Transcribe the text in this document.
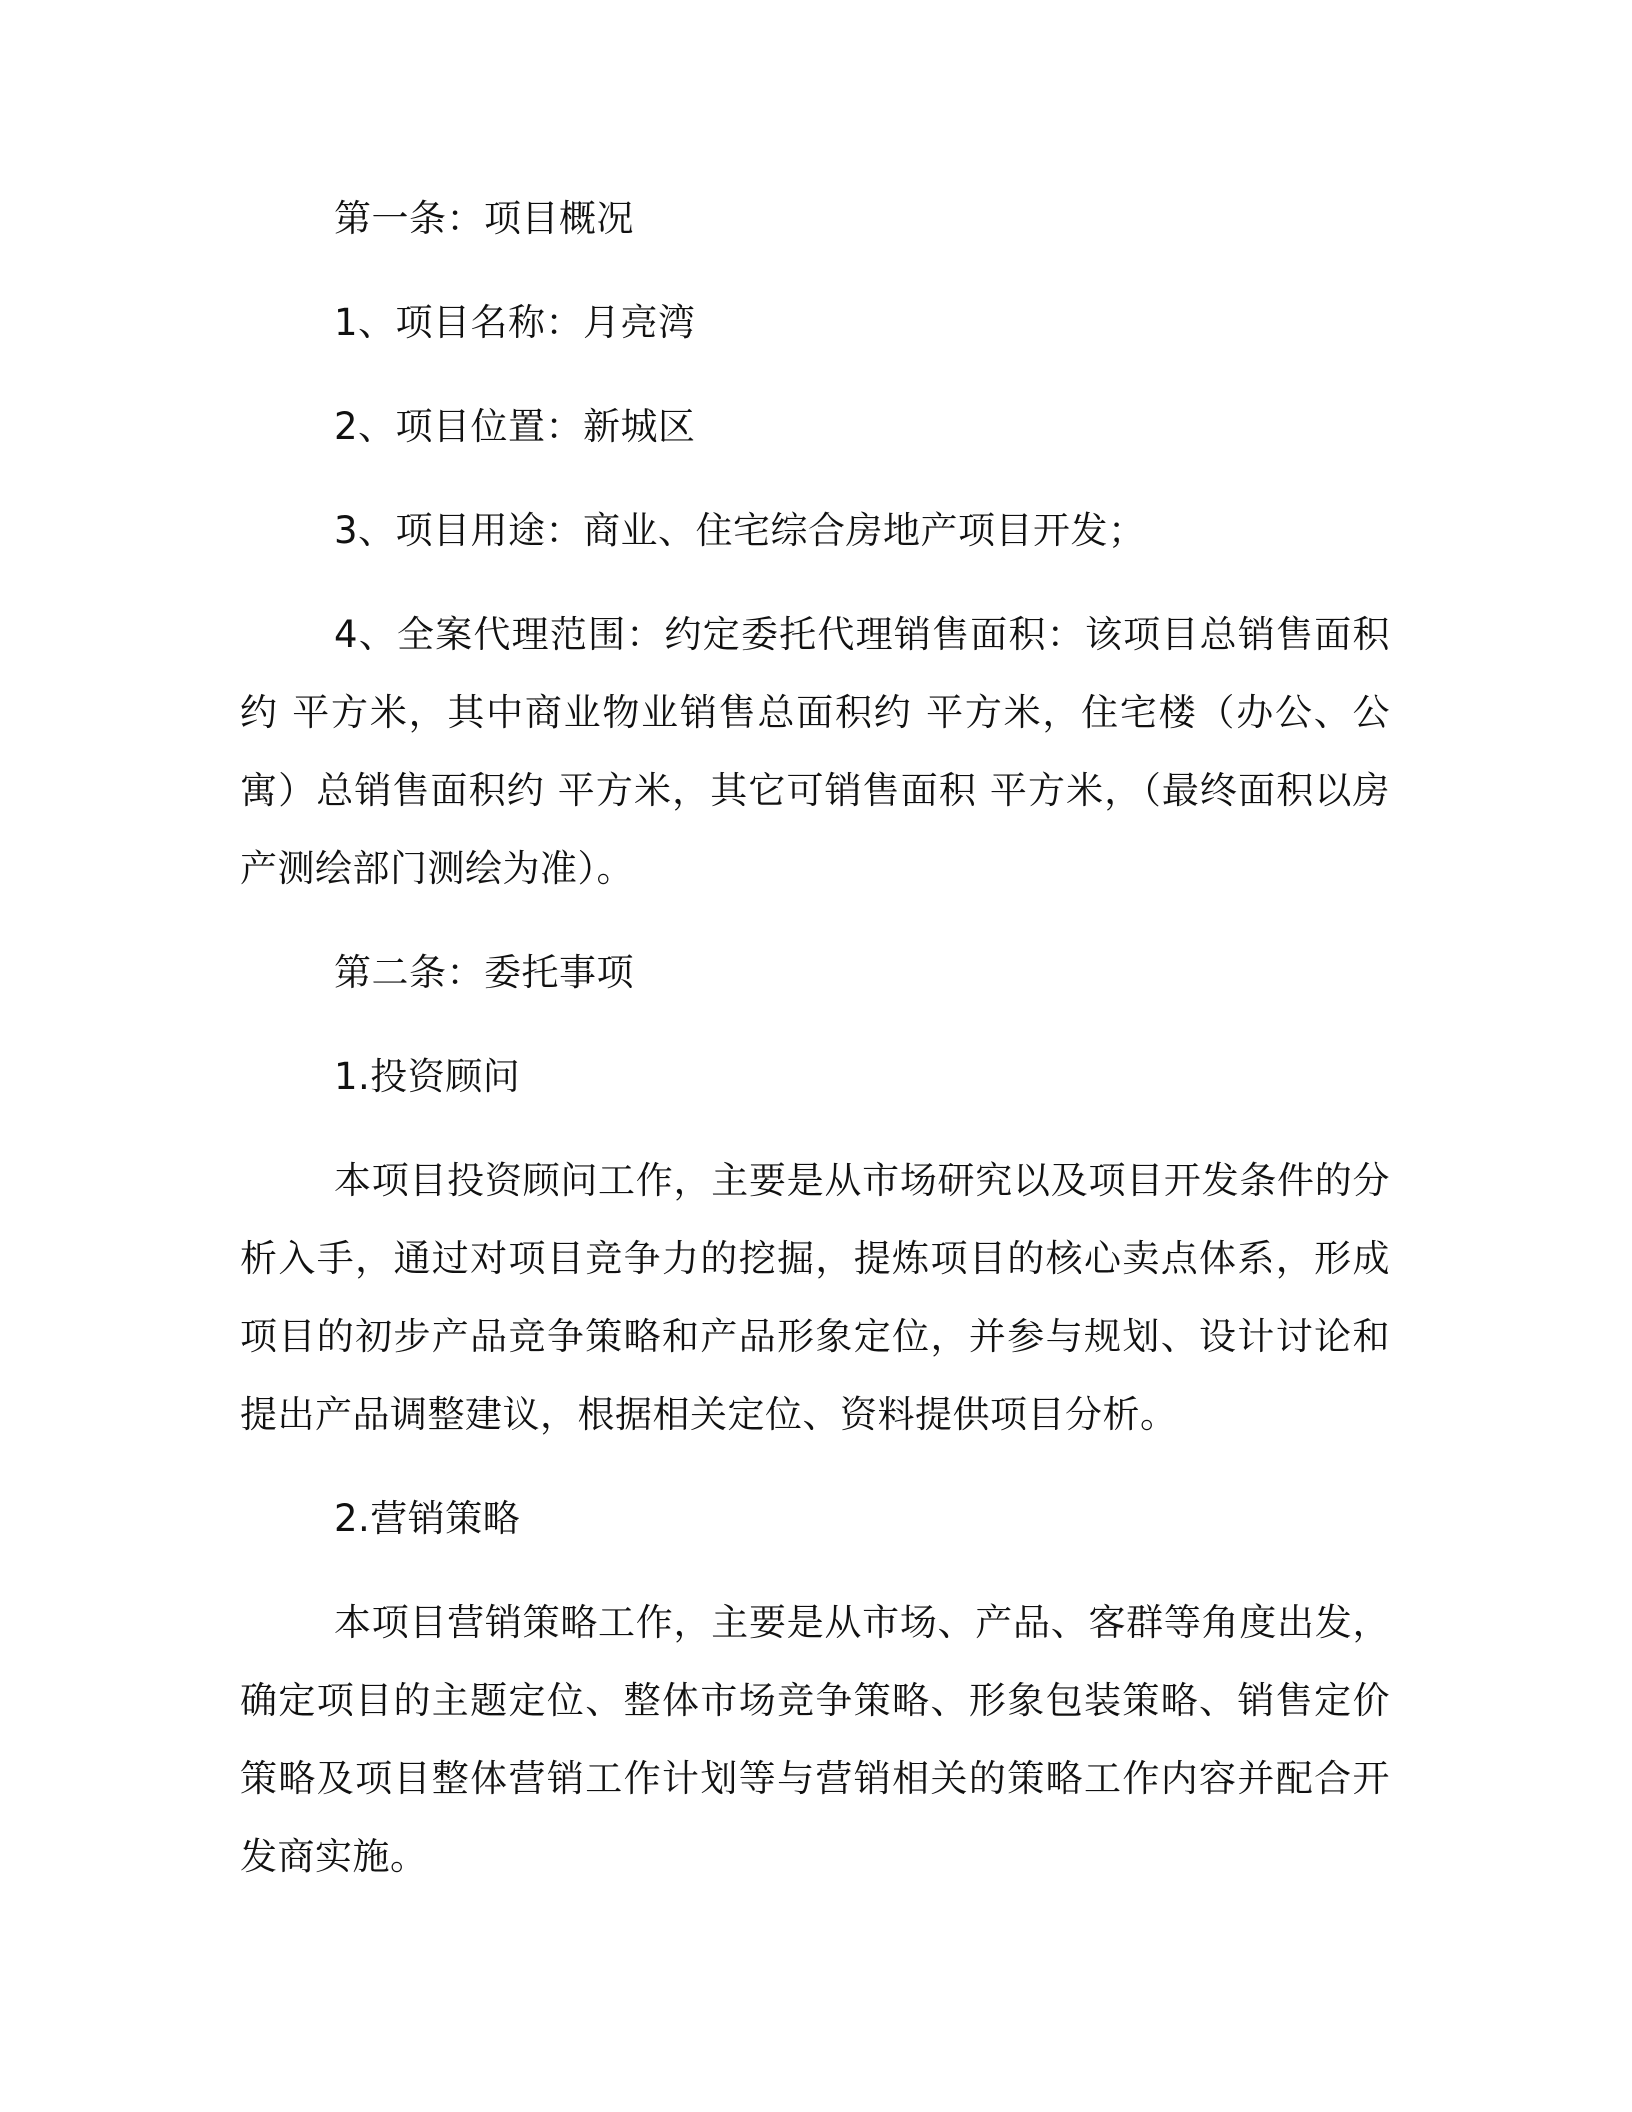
第一条：项目概况

1、项目名称：月亮湾

2、项目位置：新城区

3、项目用途：商业、住宅综合房地产项目开发；

4、全案代理范围：约定委托代理销售面积：该项目总销售面积约 平方米，其中商业物业销售总面积约 平方米，住宅楼（办公、公寓）总销售面积约 平方米，其它可销售面积 平方米，（最终面积以房产测绘部门测绘为准）。

第二条：委托事项

1.投资顾问

本项目投资顾问工作，主要是从市场研究以及项目开发条件的分析入手，通过对项目竞争力的挖掘，提炼项目的核心卖点体系，形成项目的初步产品竞争策略和产品形象定位，并参与规划、设计讨论和提出产品调整建议，根据相关定位、资料提供项目分析。

2.营销策略

本项目营销策略工作，主要是从市场、产品、客群等角度出发，确定项目的主题定位、整体市场竞争策略、形象包装策略、销售定价策略及项目整体营销工作计划等与营销相关的策略工作内容并配合开发商实施。
